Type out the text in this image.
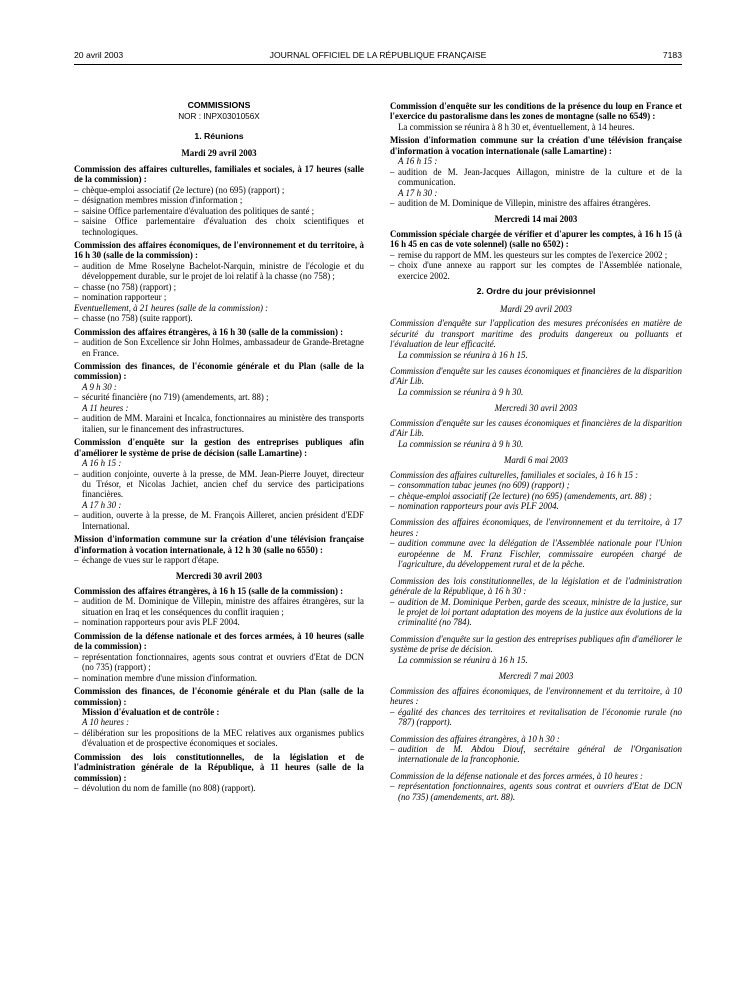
20 avril 2003	JOURNAL OFFICIEL DE LA RÉPUBLIQUE FRANÇAISE	7183

COMMISSIONS

NOR : INPX0301056X

1. Réunions

Mardi 29 avril 2003

Commission des affaires culturelles, familiales et sociales, à 17 heures (salle de la commission) :

– chèque-emploi associatif (2e lecture) (no 695) (rapport) ;
– désignation membres mission d'information ;
– saisine Office parlementaire d'évaluation des politiques de santé ;
– saisine Office parlementaire d'évaluation des choix scientifiques et technologiques.

Commission des affaires économiques, de l'environnement et du territoire, à 16 h 30 (salle de la commission) :

– audition de Mme Roselyne Bachelot-Narquin, ministre de l'écologie et du développement durable, sur le projet de loi relatif à la chasse (no 758) ;
– chasse (no 758) (rapport) ;
– nomination rapporteur ;

Eventuellement, à 21 heures (salle de la commission) :

– chasse (no 758) (suite rapport).

Commission des affaires étrangères, à 16 h 30 (salle de la commission) :

– audition de Son Excellence sir John Holmes, ambassadeur de Grande-Bretagne en France.

Commission des finances, de l'économie générale et du Plan (salle de la commission) :

A 9 h 30 :

– sécurité financière (no 719) (amendements, art. 88) ;

A 11 heures :

– audition de MM. Maraini et Incalca, fonctionnaires au ministère des transports italien, sur le financement des infrastructures.

Commission d'enquête sur la gestion des entreprises publiques afin d'améliorer le système de prise de décision (salle Lamartine) :

A 16 h 15 :

– audition conjointe, ouverte à la presse, de MM. Jean-Pierre Jouyet, directeur du Trésor, et Nicolas Jachiet, ancien chef du service des participations financières.

A 17 h 30 :

– audition, ouverte à la presse, de M. François Ailleret, ancien président d'EDF International.

Mission d'information commune sur la création d'une télévision française d'information à vocation internationale, à 12 h 30 (salle no 6550) :

– échange de vues sur le rapport d'étape.

Mercredi 30 avril 2003

Commission des affaires étrangères, à 16 h 15 (salle de la commission) :

– audition de M. Dominique de Villepin, ministre des affaires étrangères, sur la situation en Iraq et les conséquences du conflit iraquien ;
– nomination rapporteurs pour avis PLF 2004.

Commission de la défense nationale et des forces armées, à 10 heures (salle de la commission) :

– représentation fonctionnaires, agents sous contrat et ouvriers d'Etat de DCN (no 735) (rapport) ;
– nomination membre d'une mission d'information.

Commission des finances, de l'économie générale et du Plan (salle de la commission) :

Mission d'évaluation et de contrôle :

A 10 heures :

– délibération sur les propositions de la MEC relatives aux organismes publics d'évaluation et de prospective économiques et sociales.

Commission des lois constitutionnelles, de la législation et de l'administration générale de la République, à 11 heures (salle de la commission) :

– dévolution du nom de famille (no 808) (rapport).

Commission d'enquête sur les conditions de la présence du loup en France et l'exercice du pastoralisme dans les zones de montagne (salle no 6549) :

La commission se réunira à 8 h 30 et, éventuellement, à 14 heures.

Mission d'information commune sur la création d'une télévision française d'information à vocation internationale (salle Lamartine) :

A 16 h 15 :

– audition de M. Jean-Jacques Aillagon, ministre de la culture et de la communication.

A 17 h 30 :

– audition de M. Dominique de Villepin, ministre des affaires étrangères.

Mercredi 14 mai 2003

Commission spéciale chargée de vérifier et d'apurer les comptes, à 16 h 15 (à 16 h 45 en cas de vote solennel) (salle no 6502) :

– remise du rapport de MM. les questeurs sur les comptes de l'exercice 2002 ;
– choix d'une annexe au rapport sur les comptes de l'Assemblée nationale, exercice 2002.

2. Ordre du jour prévisionnel

Mardi 29 avril 2003

Commission d'enquête sur l'application des mesures préconisées en matière de sécurité du transport maritime des produits dangereux ou polluants et l'évaluation de leur efficacité.

La commission se réunira à 16 h 15.

Commission d'enquête sur les causes économiques et financières de la disparition d'Air Lib.

La commission se réunira à 9 h 30.

Mercredi 30 avril 2003

Commission d'enquête sur les causes économiques et financières de la disparition d'Air Lib.

La commission se réunira à 9 h 30.

Mardi 6 mai 2003

Commission des affaires culturelles, familiales et sociales, à 16 h 15 :

– consommation tabac jeunes (no 609) (rapport) ;
– chèque-emploi associatif (2e lecture) (no 695) (amendements, art. 88) ;
– nomination rapporteurs pour avis PLF 2004.

Commission des affaires économiques, de l'environnement et du territoire, à 17 heures :

– audition commune avec la délégation de l'Assemblée nationale pour l'Union européenne de M. Franz Fischler, commissaire européen chargé de l'agriculture, du développement rural et de la pêche.

Commission des lois constitutionnelles, de la législation et de l'administration générale de la République, à 16 h 30 :

– audition de M. Dominique Perben, garde des sceaux, ministre de la justice, sur le projet de loi portant adaptation des moyens de la justice aux évolutions de la criminalité (no 784).

Commission d'enquête sur la gestion des entreprises publiques afin d'améliorer le système de prise de décision.

La commission se réunira à 16 h 15.

Mercredi 7 mai 2003

Commission des affaires économiques, de l'environnement et du territoire, à 10 heures :

– égalité des chances des territoires et revitalisation de l'économie rurale (no 787) (rapport).

Commission des affaires étrangères, à 10 h 30 :

– audition de M. Abdou Diouf, secrétaire général de l'Organisation internationale de la francophonie.

Commission de la défense nationale et des forces armées, à 10 heures :

– représentation fonctionnaires, agents sous contrat et ouvriers d'Etat de DCN (no 735) (amendements, art. 88).
